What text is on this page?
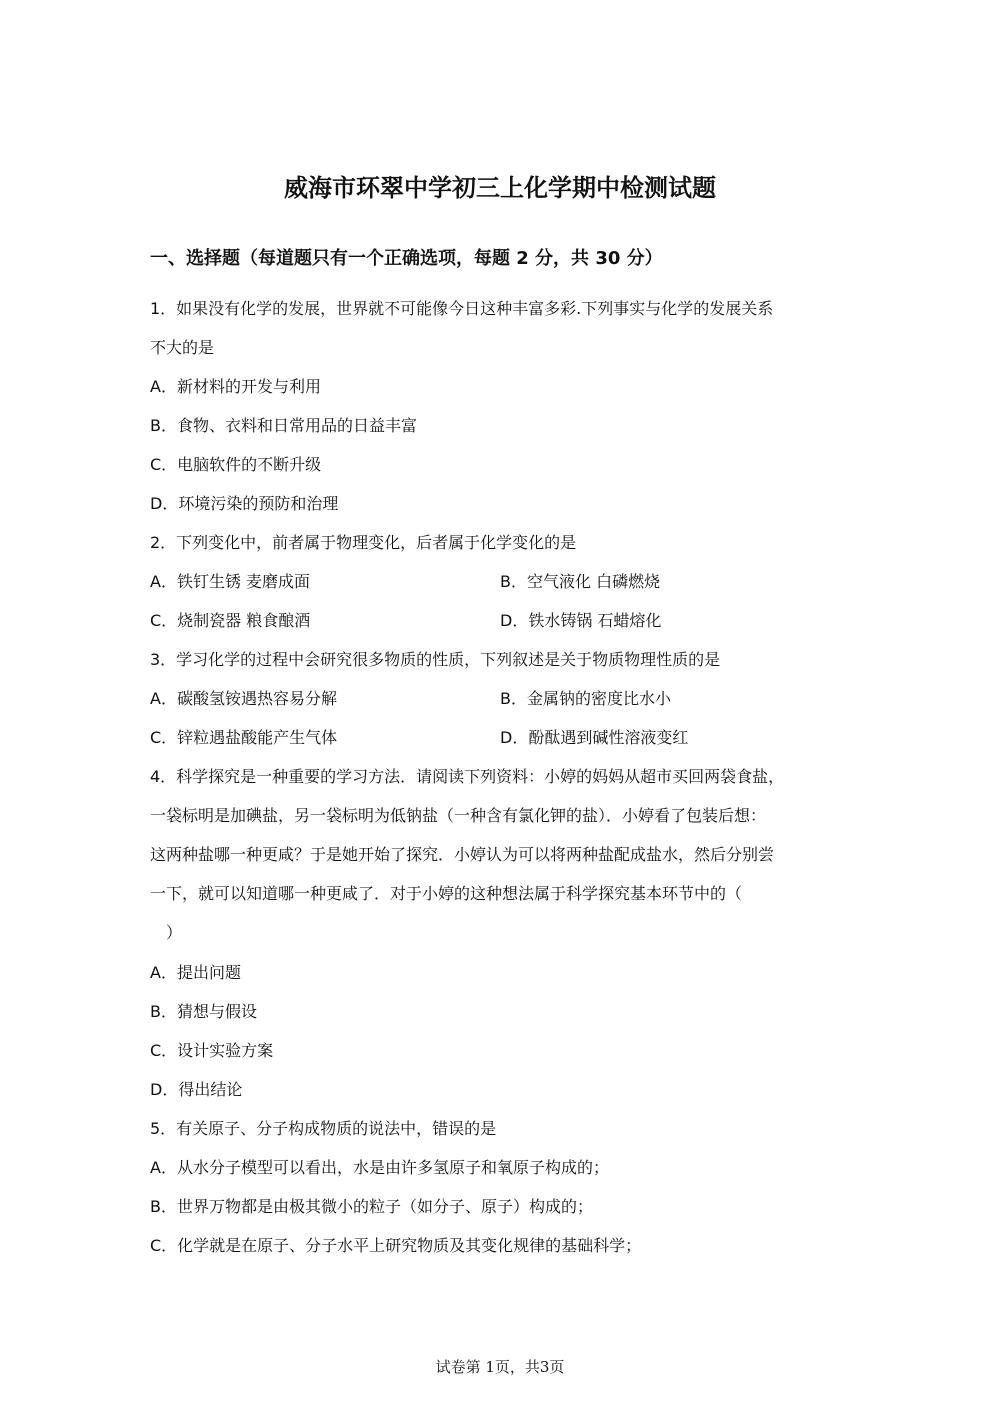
威海市环翠中学初三上化学期中检测试题
一、选择题（每道题只有一个正确选项，每题 2 分，共 30 分）
1．如果没有化学的发展，世界就不可能像今日这种丰富多彩.下列事实与化学的发展关系
不大的是
A．新材料的开发与利用
B．食物、衣料和日常用品的日益丰富
C．电脑软件的不断升级
D．环境污染的预防和治理
2．下列变化中，前者属于物理变化，后者属于化学变化的是
A．铁钉生锈 麦磨成面	B．空气液化 白磷燃烧
C．烧制瓷器 粮食酿酒	D．铁水铸锅 石蜡熔化
3．学习化学的过程中会研究很多物质的性质，下列叙述是关于物质物理性质的是
A．碳酸氢铵遇热容易分解	B．金属钠的密度比水小
C．锌粒遇盐酸能产生气体	D．酚酞遇到碱性溶液变红
4．科学探究是一种重要的学习方法．请阅读下列资料：小婷的妈妈从超市买回两袋食盐，
一袋标明是加碘盐，另一袋标明为低钠盐（一种含有氯化钾的盐）．小婷看了包装后想：
这两种盐哪一种更咸？于是她开始了探究．小婷认为可以将两种盐配成盐水，然后分别尝
一下，就可以知道哪一种更咸了．对于小婷的这种想法属于科学探究基本环节中的（
）
A．提出问题
B．猜想与假设
C．设计实验方案
D．得出结论
5．有关原子、分子构成物质的说法中，错误的是
A．从水分子模型可以看出，水是由许多氢原子和氧原子构成的；
B．世界万物都是由极其微小的粒子（如分子、原子）构成的；
C．化学就是在原子、分子水平上研究物质及其变化规律的基础科学；
试卷第 1页，共3页
